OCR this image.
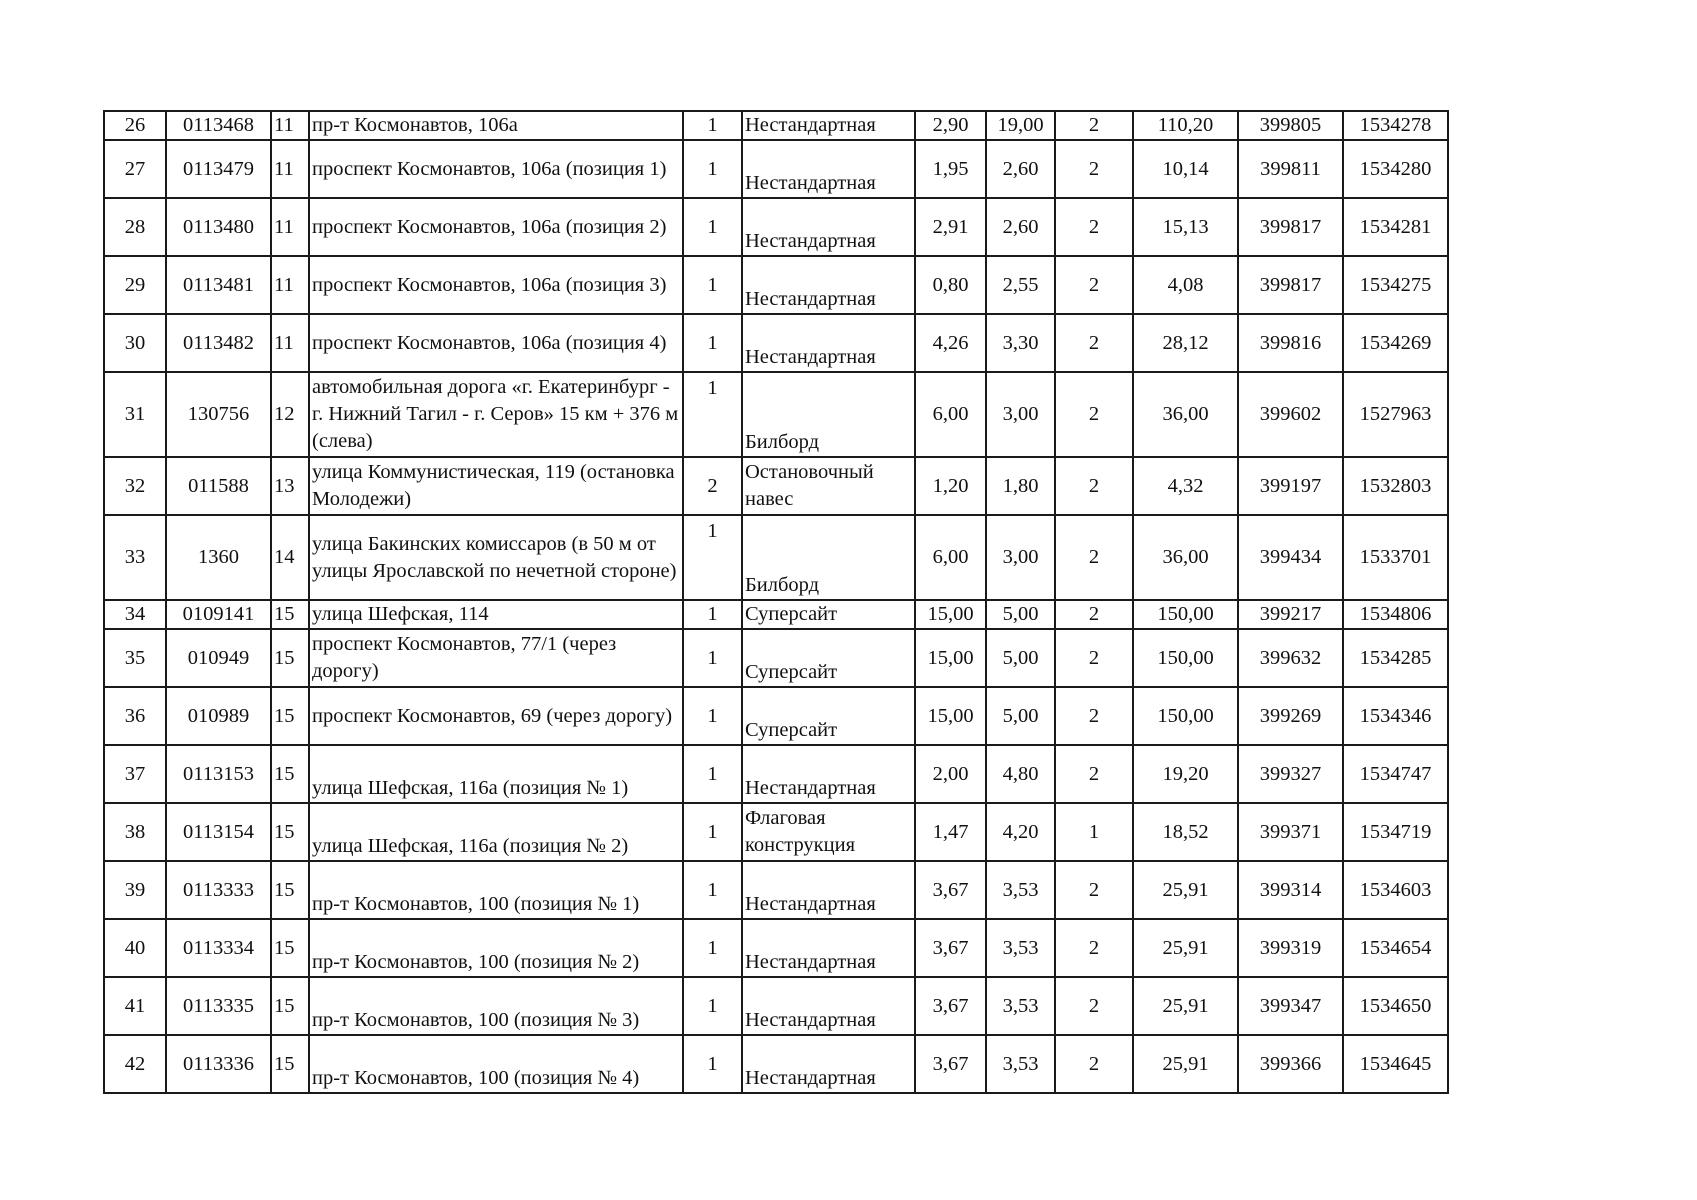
26	0113468	11	пр-т Космонавтов, 106а	1	Нестандартная	2,90	19,00	2	110,20	399805	1534278
27	0113479	11	проспект Космонавтов, 106а (позиция 1)	1	Нестандартная	1,95	2,60	2	10,14	399811	1534280
28	0113480	11	проспект Космонавтов, 106а (позиция 2)	1	Нестандартная	2,91	2,60	2	15,13	399817	1534281
29	0113481	11	проспект Космонавтов, 106а (позиция 3)	1	Нестандартная	0,80	2,55	2	4,08	399817	1534275
30	0113482	11	проспект Космонавтов, 106а (позиция 4)	1	Нестандартная	4,26	3,30	2	28,12	399816	1534269
31	130756	12	автомобильная дорога «г. Екатеринбург - г. Нижний Тагил - г. Серов» 15 км + 376 м (слева)	1	Билборд	6,00	3,00	2	36,00	399602	1527963
32	011588	13	улица Коммунистическая, 119 (остановка Молодежи)	2	Остановочный навес	1,20	1,80	2	4,32	399197	1532803
33	1360	14	улица Бакинских комиссаров (в 50 м от улицы Ярославской по нечетной стороне)	1	Билборд	6,00	3,00	2	36,00	399434	1533701
34	0109141	15	улица Шефская, 114	1	Суперсайт	15,00	5,00	2	150,00	399217	1534806
35	010949	15	проспект Космонавтов, 77/1 (через дорогу)	1	Суперсайт	15,00	5,00	2	150,00	399632	1534285
36	010989	15	проспект Космонавтов, 69 (через дорогу)	1	Суперсайт	15,00	5,00	2	150,00	399269	1534346
37	0113153	15	улица Шефская, 116а (позиция № 1)	1	Нестандартная	2,00	4,80	2	19,20	399327	1534747
38	0113154	15	улица Шефская, 116а (позиция № 2)	1	Флаговая конструкция	1,47	4,20	1	18,52	399371	1534719
39	0113333	15	пр-т Космонавтов, 100 (позиция № 1)	1	Нестандартная	3,67	3,53	2	25,91	399314	1534603
40	0113334	15	пр-т Космонавтов, 100 (позиция № 2)	1	Нестандартная	3,67	3,53	2	25,91	399319	1534654
41	0113335	15	пр-т Космонавтов, 100 (позиция № 3)	1	Нестандартная	3,67	3,53	2	25,91	399347	1534650
42	0113336	15	пр-т Космонавтов, 100 (позиция № 4)	1	Нестандартная	3,67	3,53	2	25,91	399366	1534645
